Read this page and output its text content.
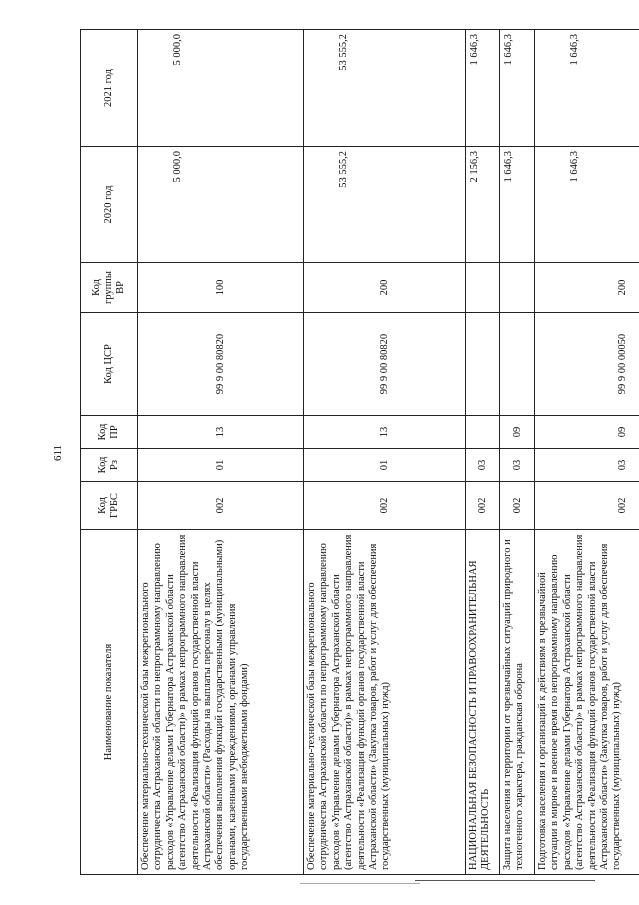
611
Наименование показателя	Код ГРБС	Код Рз	Код ПР	Код ЦСР	Код группы ВР	2020 год	2021 год
Обеспечение материально-технической базы межрегионального сотрудничества Астраханской области по непрограммному направлению расходов «Управление делами Губернатора Астраханской области (агентство Астраханской области)» в рамках непрограммного направления деятельности «Реализация функций органов государственной власти Астраханской области» (Расходы на выплаты персоналу в целях обеспечения выполнения функций государственными (муниципальными) органами, казенными учреждениями, органами управления государственными внебюджетными фондами)	002	01	13	99 9 00 80820	100	5 000,0	5 000,0
Обеспечение материально-технической базы межрегионального сотрудничества Астраханской области по непрограммному направлению расходов «Управление делами Губернатора Астраханской области (агентство Астраханской области)» в рамках непрограммного направления деятельности «Реализация функций органов государственной власти Астраханской области» (Закупка товаров, работ и услуг для обеспечения государственных (муниципальных) нужд)	002	01	13	99 9 00 80820	200	53 555,2	53 555,2
НАЦИОНАЛЬНАЯ БЕЗОПАСНОСТЬ И ПРАВООХРАНИТЕЛЬНАЯ ДЕЯТЕЛЬНОСТЬ	002	03				2 156,3	1 646,3
Защита населения и территории от чрезвычайных ситуаций природного и техногенного характера, гражданская оборона	002	03	09			1 646,3	1 646,3
Подготовка населения и организаций к действиям в чрезвычайной ситуации в мирное и военное время по непрограммному направлению расходов «Управление делами Губернатора Астраханской области (агентство Астраханской области)» в рамках непрограммного направления деятельности «Реализация функций органов государственной власти Астраханской области» (Закупка товаров, работ и услуг для обеспечения государственных (муниципальных) нужд)	002	03	09	99 9 00 00050	200	1 646,3	1 646,3
